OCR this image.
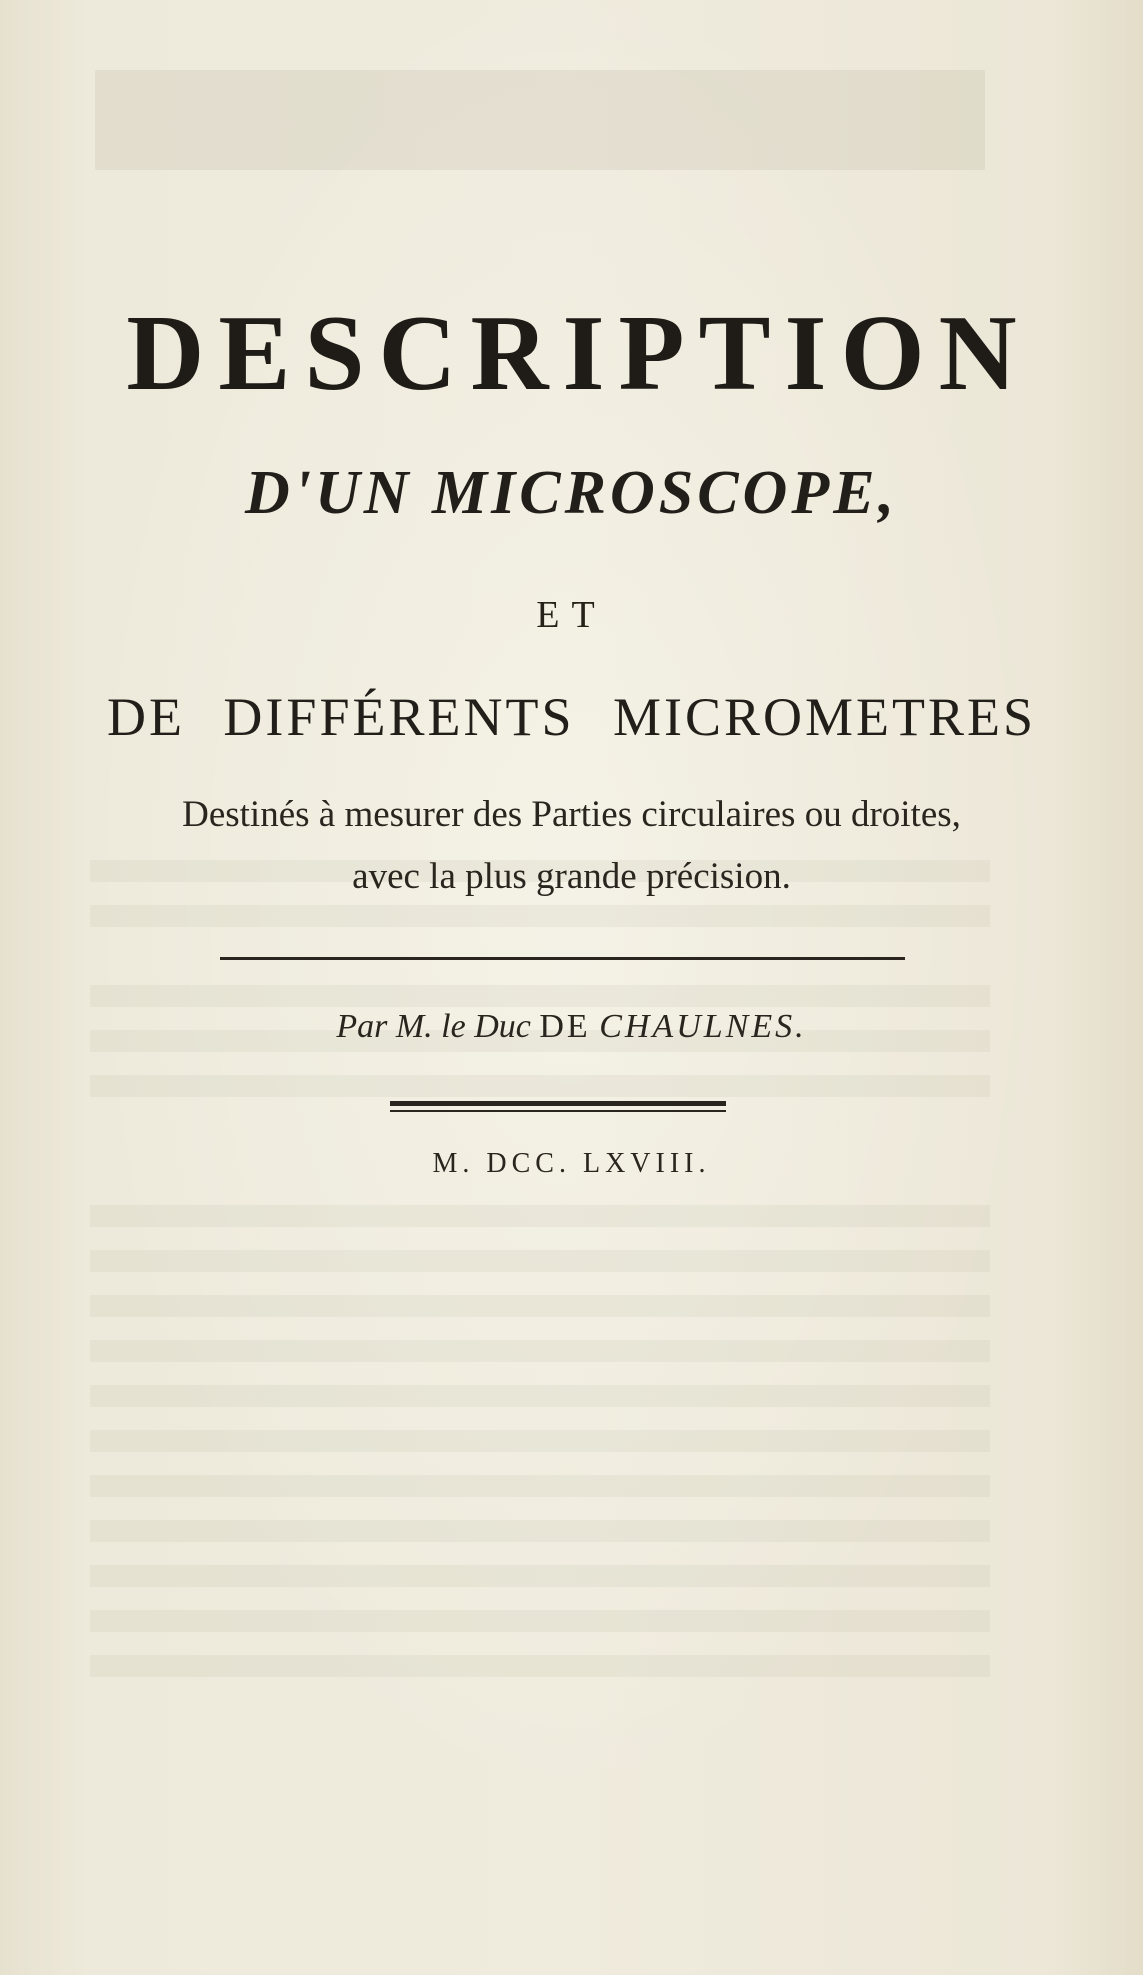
DESCRIPTION
D'UN MICROSCOPE,
ET
DE DIFFÉRENTS MICROMETRES
Destinés à mesurer des Parties circulaires ou droites,
avec la plus grande précision.
Par M. le Duc DE CHAULNES.
M. DCC. LXVIII.
